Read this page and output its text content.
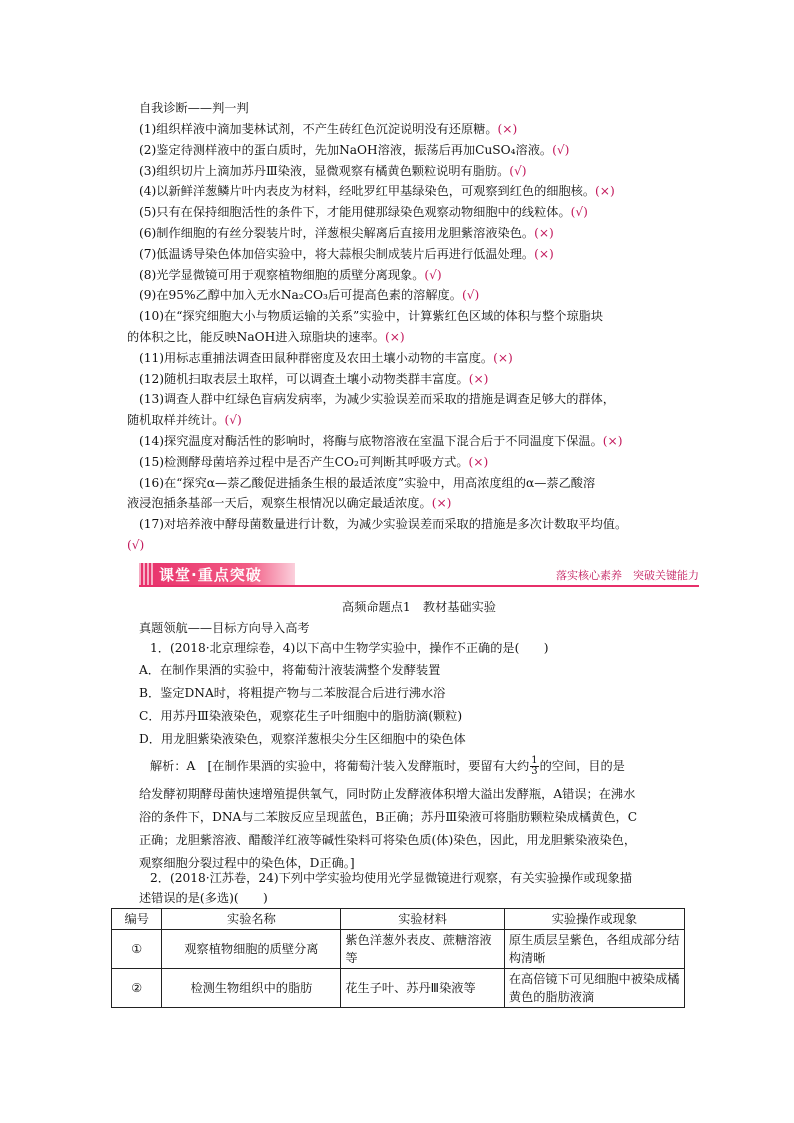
自我诊断——判一判
(1)组织样液中滴加斐林试剂，不产生砖红色沉淀说明没有还原糖。(×)
(2)鉴定待测样液中的蛋白质时，先加NaOH溶液，振荡后再加CuSO₄溶液。(√)
(3)组织切片上滴加苏丹Ⅲ染液，显微观察有橘黄色颗粒说明有脂肪。(√)
(4)以新鲜洋葱鳞片叶内表皮为材料，经吡罗红甲基绿染色，可观察到红色的细胞核。(×)
(5)只有在保持细胞活性的条件下，才能用健那绿染色观察动物细胞中的线粒体。(√)
(6)制作细胞的有丝分裂装片时，洋葱根尖解离后直接用龙胆紫溶液染色。(×)
(7)低温诱导染色体加倍实验中，将大蒜根尖制成装片后再进行低温处理。(×)
(8)光学显微镜可用于观察植物细胞的质壁分离现象。(√)
(9)在95%乙醇中加入无水Na₂CO₃后可提高色素的溶解度。(√)
(10)在“探究细胞大小与物质运输的关系”实验中，计算紫红色区域的体积与整个琼脂块
的体积之比，能反映NaOH进入琼脂块的速率。(×)
(11)用标志重捕法调查田鼠种群密度及农田土壤小动物的丰富度。(×)
(12)随机扫取表层土取样，可以调查土壤小动物类群丰富度。(×)
(13)调查人群中红绿色盲病发病率，为减少实验误差而采取的措施是调查足够大的群体，
随机取样并统计。(√)
(14)探究温度对酶活性的影响时，将酶与底物溶液在室温下混合后于不同温度下保温。(×)
(15)检测酵母菌培养过程中是否产生CO₂可判断其呼吸方式。(×)
(16)在“探究α—萘乙酸促进插条生根的最适浓度”实验中，用高浓度组的α—萘乙酸溶
液浸泡插条基部一天后，观察生根情况以确定最适浓度。(×)
(17)对培养液中酵母菌数量进行计数，为减少实验误差而采取的措施是多次计数取平均值。
(√)
课堂·重点突破	落实核心素养　突破关键能力
高频命题点1　教材基础实验
真题领航——目标方向导入高考
1．(2018·北京理综卷，4)以下高中生物学实验中，操作不正确的是(　　)
A．在制作果酒的实验中，将葡萄汁液装满整个发酵装置
B．鉴定DNA时，将粗提产物与二苯胺混合后进行沸水浴
C．用苏丹Ⅲ染液染色，观察花生子叶细胞中的脂肪滴(颗粒)
D．用龙胆紫染液染色，观察洋葱根尖分生区细胞中的染色体
解析：A　[在制作果酒的实验中，将葡萄汁装入发酵瓶时，要留有大约 $\frac{1}{3}$ 的空间，目的是
给发酵初期酵母菌快速增殖提供氧气，同时防止发酵液体积增大溢出发酵瓶，A错误；在沸水
浴的条件下，DNA与二苯胺反应呈现蓝色，B正确；苏丹Ⅲ染液可将脂肪颗粒染成橘黄色，C
正确；龙胆紫溶液、醋酸洋红液等碱性染料可将染色质(体)染色，因此，用龙胆紫染液染色，
观察细胞分裂过程中的染色体，D正确。]
2．(2018·江苏卷，24)下列中学实验均使用光学显微镜进行观察，有关实验操作或现象描
述错误的是(多选)(　　)
编号	实验名称	实验材料	实验操作或现象
①	观察植物细胞的质壁分离	紫色洋葱外表皮、蔗糖溶液等	原生质层呈紫色，各组成部分结构清晰
②	检测生物组织中的脂肪	花生子叶、苏丹Ⅲ染液等	在高倍镜下可见细胞中被染成橘黄色的脂肪液滴
